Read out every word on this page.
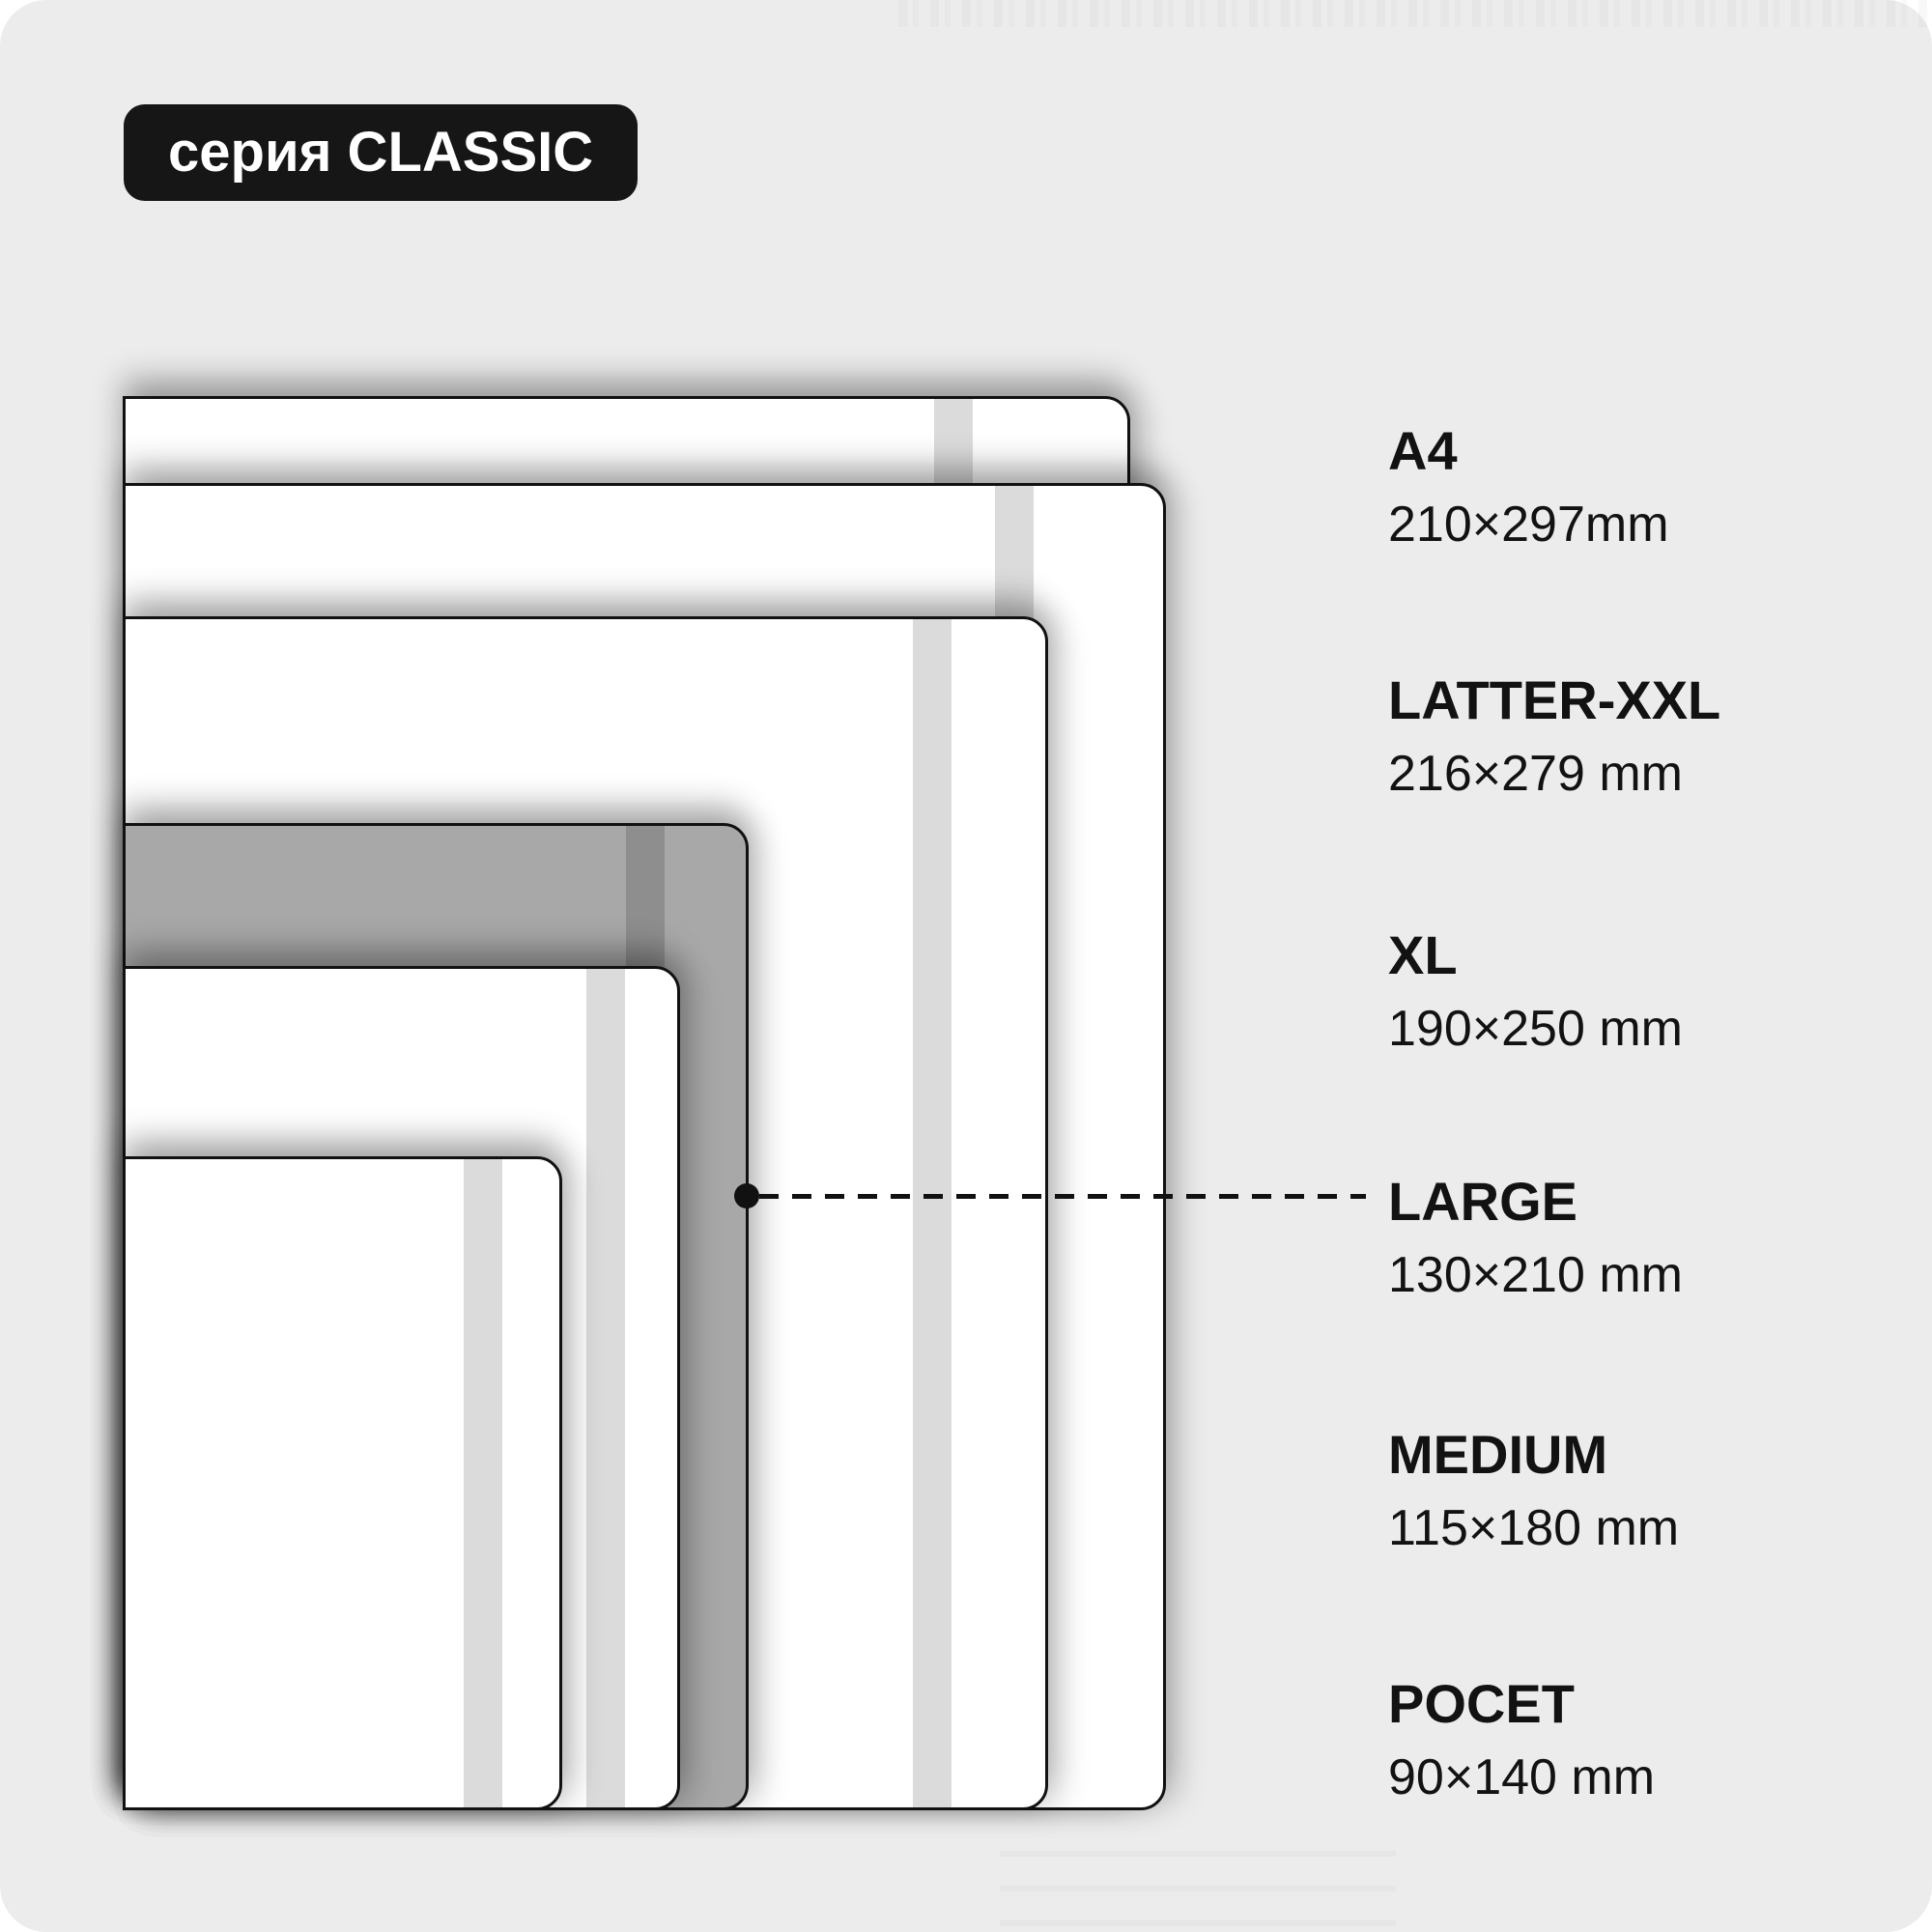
серия CLASSIC
A4
210×297mm
LATTER-XXL
216×279 mm
XL
190×250 mm
LARGE
130×210 mm
MEDIUM
115×180 mm
POCET
90×140 mm
